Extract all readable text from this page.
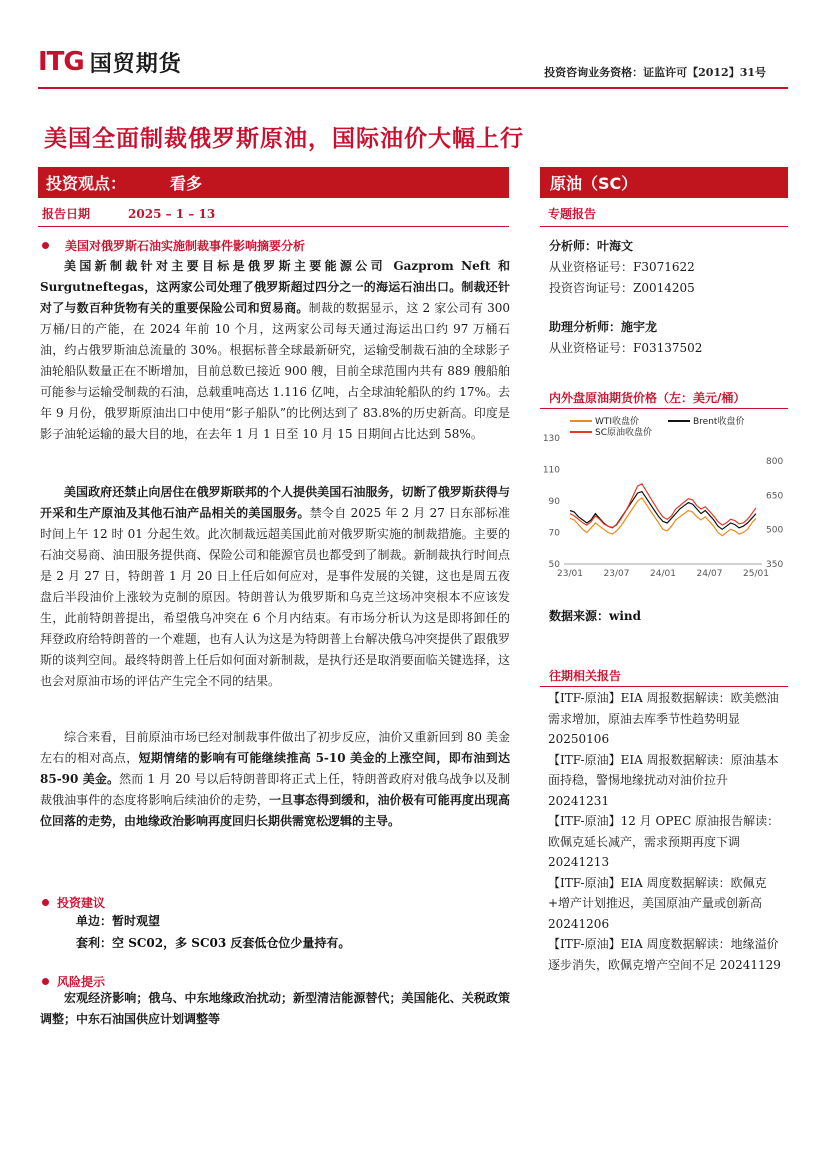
ITG 国贸期货	投资咨询业务资格：证监许可【2012】31号
美国全面制裁俄罗斯原油，国际油价大幅上行
投资观点：	看多
报告日期	2025 – 1 – 13
原油（SC）
专题报告
美国对俄罗斯石油实施制裁事件影响摘要分析
美国新制裁针对主要目标是俄罗斯主要能源公司 Gazprom Neft 和 Surgutneftegas，这两家公司处理了俄罗斯超过四分之一的海运石油出口。制裁还针对了与数百种货物有关的重要保险公司和贸易商。制裁的数据显示，这 2 家公司有 300 万桶/日的产能，在 2024 年前 10 个月，这两家公司每天通过海运出口约 97 万桶石油，约占俄罗斯油总流量的 30%。根据标普全球最新研究，运输受制裁石油的全球影子油轮船队数量正在不断增加，目前总数已接近 900 艘，目前全球范围内共有 889 艘船舶可能参与运输受制裁的石油，总载重吨高达 1.116 亿吨，占全球油轮船队的约 17%。去年 9 月份，俄罗斯原油出口中使用“影子船队”的比例达到了 83.8%的历史新高。印度是影子油轮运输的最大目的地，在去年 1 月 1 日至 10 月 15 日期间占比达到 58%。
美国政府还禁止向居住在俄罗斯联邦的个人提供美国石油服务，切断了俄罗斯获得与开采和生产原油及其他石油产品相关的美国服务。禁令自 2025 年 2 月 27 日东部标准时间上午 12 时 01 分起生效。此次制裁远超美国此前对俄罗斯实施的制裁措施。主要的石油交易商、油田服务提供商、保险公司和能源官员也都受到了制裁。新制裁执行时间点是 2 月 27 日，特朗普 1 月 20 日上任后如何应对，是事件发展的关键，这也是周五夜盘后半段油价上涨较为克制的原因。特朗普认为俄罗斯和乌克兰这场冲突根本不应该发生，此前特朗普提出，希望俄乌冲突在 6 个月内结束。有市场分析认为这是即将卸任的拜登政府给特朗普的一个难题，也有人认为这是为特朗普上台解决俄乌冲突提供了跟俄罗斯的谈判空间。最终特朗普上任后如何面对新制裁，是执行还是取消要面临关键选择，这也会对原油市场的评估产生完全不同的结果。
综合来看，目前原油市场已经对制裁事件做出了初步反应，油价又重新回到 80 美金左右的相对高点，短期情绪的影响有可能继续推高 5-10 美金的上涨空间，即布油到达 85-90 美金。然而 1 月 20 号以后特朗普即将正式上任，特朗普政府对俄乌战争以及制裁俄油事件的态度将影响后续油价的走势，一旦事态得到缓和，油价极有可能再度出现高位回落的走势，由地缘政治影响再度回归长期供需宽松逻辑的主导。
投资建议
单边：暂时观望
套利：空 SC02，多 SC03 反套低仓位少量持有。
风险提示
宏观经济影响；俄乌、中东地缘政治扰动；新型清洁能源替代；美国能化、关税政策调整；中东石油国供应计划调整等
分析师：叶海文
从业资格证号：F3071622
投资咨询证号：Z0014205
助理分析师：施宇龙
从业资格证号：F03137502
内外盘原油期货价格（左：美元/桶）
50
70
90
110
130
350
500
650
800
23/01 23/07 24/01 24/07 25/01
WTI收盘价	Brent收盘价
SC原油收盘价
数据来源：wind
往期相关报告
【ITF-原油】EIA 周报数据解读：欧美燃油需求增加，原油去库季节性趋势明显 20250106
【ITF-原油】EIA 周报数据解读：原油基本面持稳，警惕地缘扰动对油价拉升 20241231
【ITF-原油】12 月 OPEC 原油报告解读：欧佩克延长减产，需求预期再度下调 20241213
【ITF-原油】EIA 周度数据解读：欧佩克+增产计划推迟，美国原油产量或创新高 20241206
【ITF-原油】EIA 周度数据解读：地缘溢价逐步消失，欧佩克增产空间不足 20241129
